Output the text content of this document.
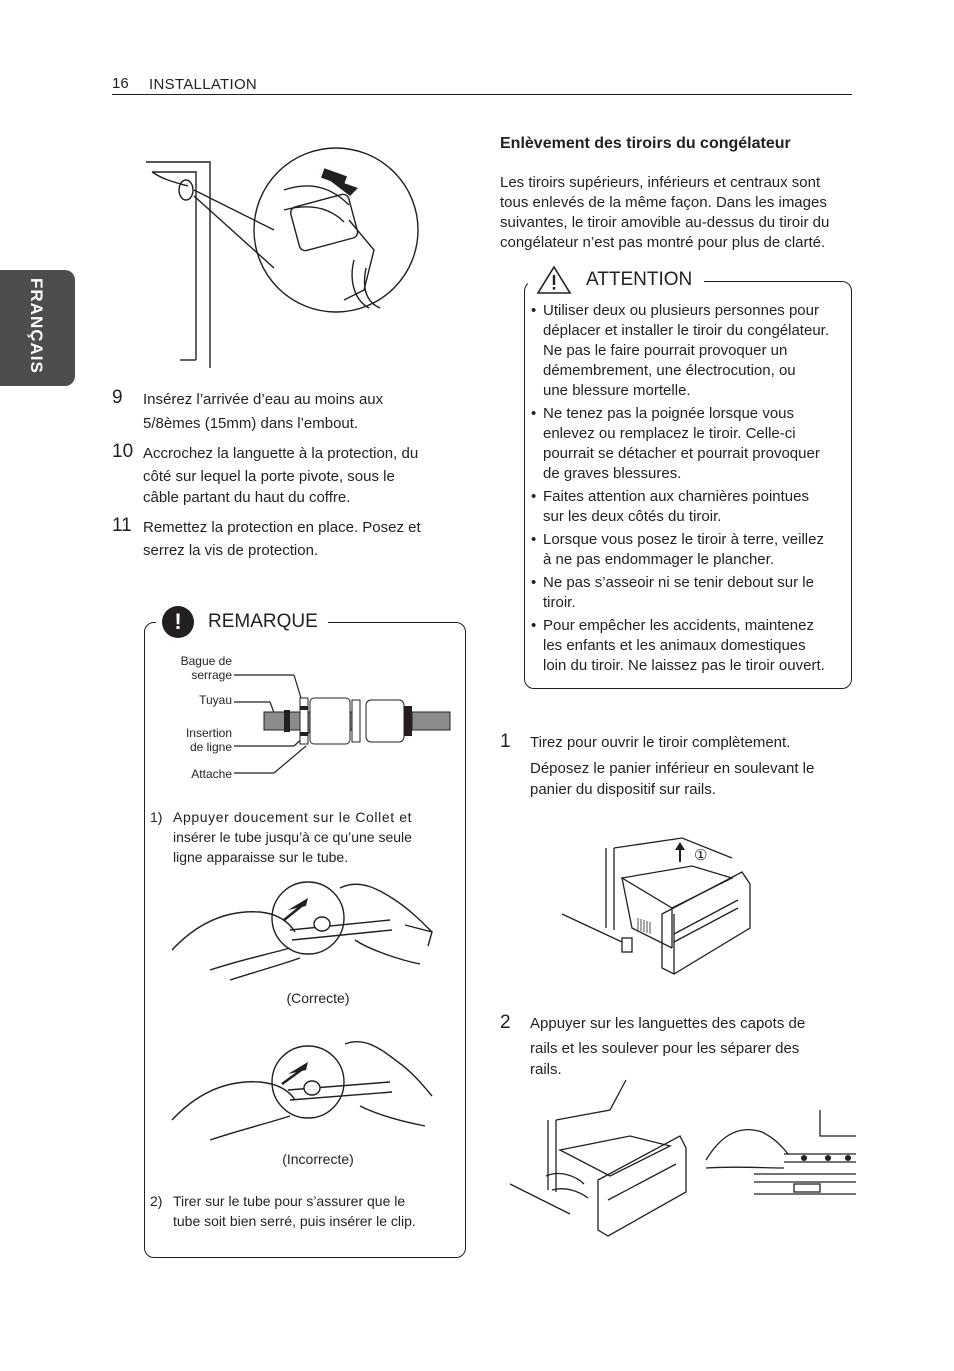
16 INSTALLATION
FRANÇAIS
9 Insérez l’arrivée d’eau au moins aux
5/8èmes (15mm) dans l’embout.
10 Accrochez la languette à la protection, du
côté sur lequel la porte pivote, sous le
câble partant du haut du coffre.
11 Remettez la protection en place. Posez et
serrez la vis de protection.
!	REMARQUE
Bague de
serrage
Tuyau
Insertion
de ligne
Attache
1) Appuyer doucement sur le Collet et
insérer le tube jusqu’à ce qu’une seule
ligne apparaisse sur le tube.
(Correcte)
(Incorrecte)
2) Tirer sur le tube pour s’assurer que le
tube soit bien serré, puis insérer le clip.
Enlèvement des tiroirs du congélateur
Les tiroirs supérieurs, inférieurs et centraux sont
tous enlevés de la même façon. Dans les images
suivantes, le tiroir amovible au-dessus du tiroir du
congélateur n’est pas montré pour plus de clarté.
ATTENTION
• Utiliser deux ou plusieurs personnes pour
déplacer et installer le tiroir du congélateur.
Ne pas le faire pourrait provoquer un
démembrement, une électrocution, ou
une blessure mortelle.
• Ne tenez pas la poignée lorsque vous
enlevez ou remplacez le tiroir. Celle-ci
pourrait se détacher et pourrait provoquer
de graves blessures.
• Faites attention aux charnières pointues
sur les deux côtés du tiroir.
• Lorsque vous posez le tiroir à terre, veillez
à ne pas endommager le plancher.
• Ne pas s’asseoir ni se tenir debout sur le
tiroir.
• Pour empêcher les accidents, maintenez
les enfants et les animaux domestiques
loin du tiroir. Ne laissez pas le tiroir ouvert.
1 Tirez pour ouvrir le tiroir complètement.
Déposez le panier inférieur en soulevant le
panier du dispositif sur rails.
①
2 Appuyer sur les languettes des capots de
rails et les soulever pour les séparer des
rails.
